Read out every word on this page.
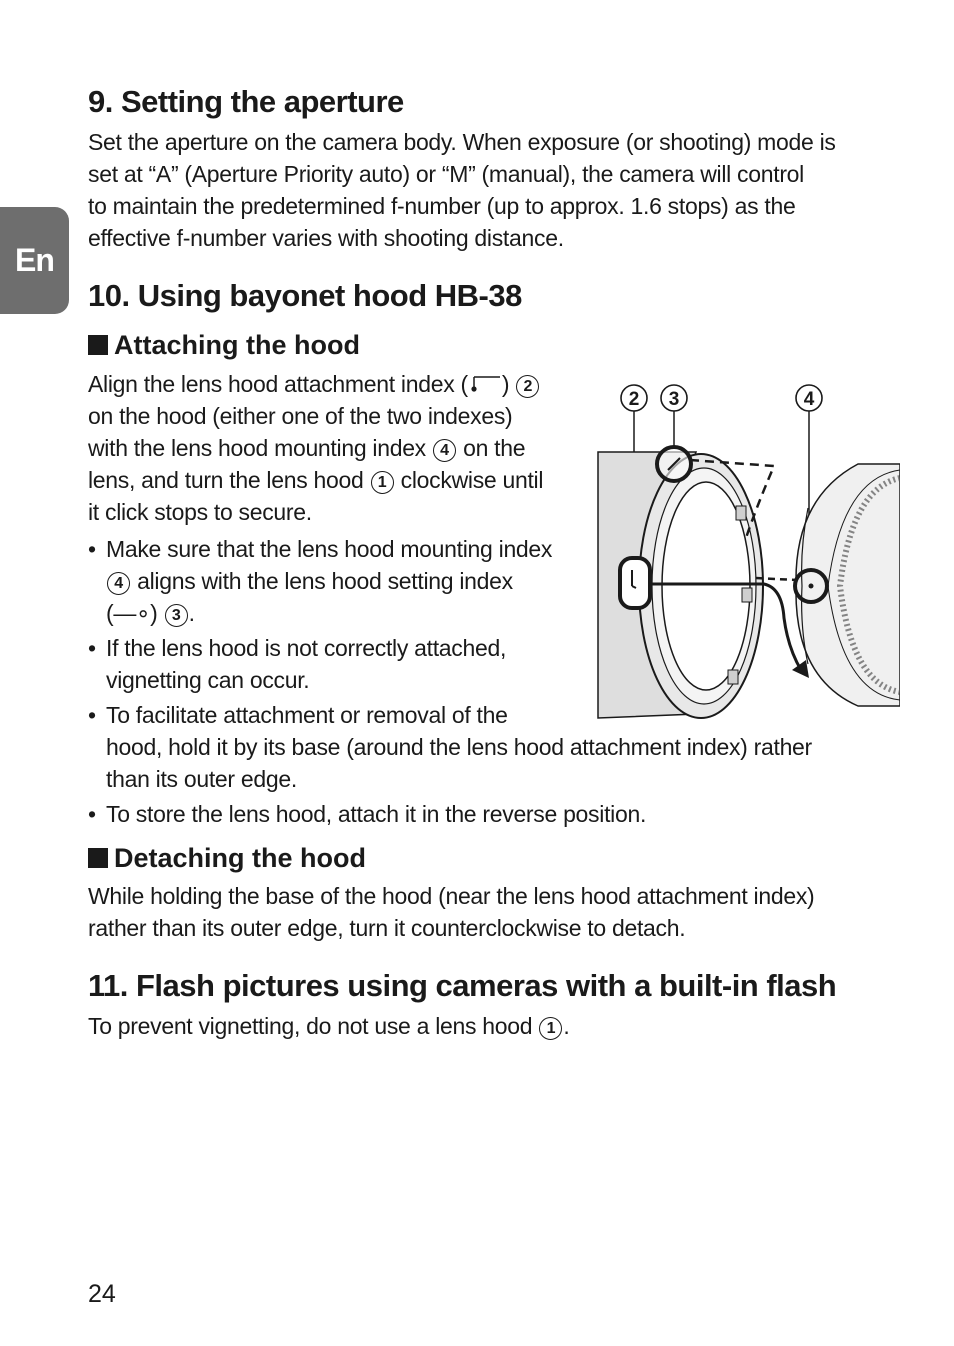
En
9. Setting the aperture

Set the aperture on the camera body. When exposure (or shooting) mode is

set at “A” (Aperture Priority auto) or “M” (manual), the camera will control

to maintain the predetermined f-number (up to approx. 1.6 stops) as the

effective f-number varies with shooting distance.

10. Using bayonet hood HB-38
Attaching the hood

Align the lens hood attachment index ( ) 2

on the hood (either one of the two indexes)

with the lens hood mounting index 4 on the

lens, and turn the lens hood 1 clockwise until

it click stops to secure.

• Make sure that the lens hood mounting index
4 aligns with the lens hood setting index
(—∘) 3 .
• If the lens hood is not correctly attached,
vignetting can occur.
• To facilitate attachment or removal of the
hood, hold it by its base (around the lens hood attachment index) rather
than its outer edge.
• To store the lens hood, attach it in the reverse position.
Detaching the hood

While holding the base of the hood (near the lens hood attachment index)

rather than its outer edge, turn it counterclockwise to detach.

11. Flash pictures using cameras with a built-in flash

To prevent vignetting, do not use a lens hood 1 .

2 3	4

24
